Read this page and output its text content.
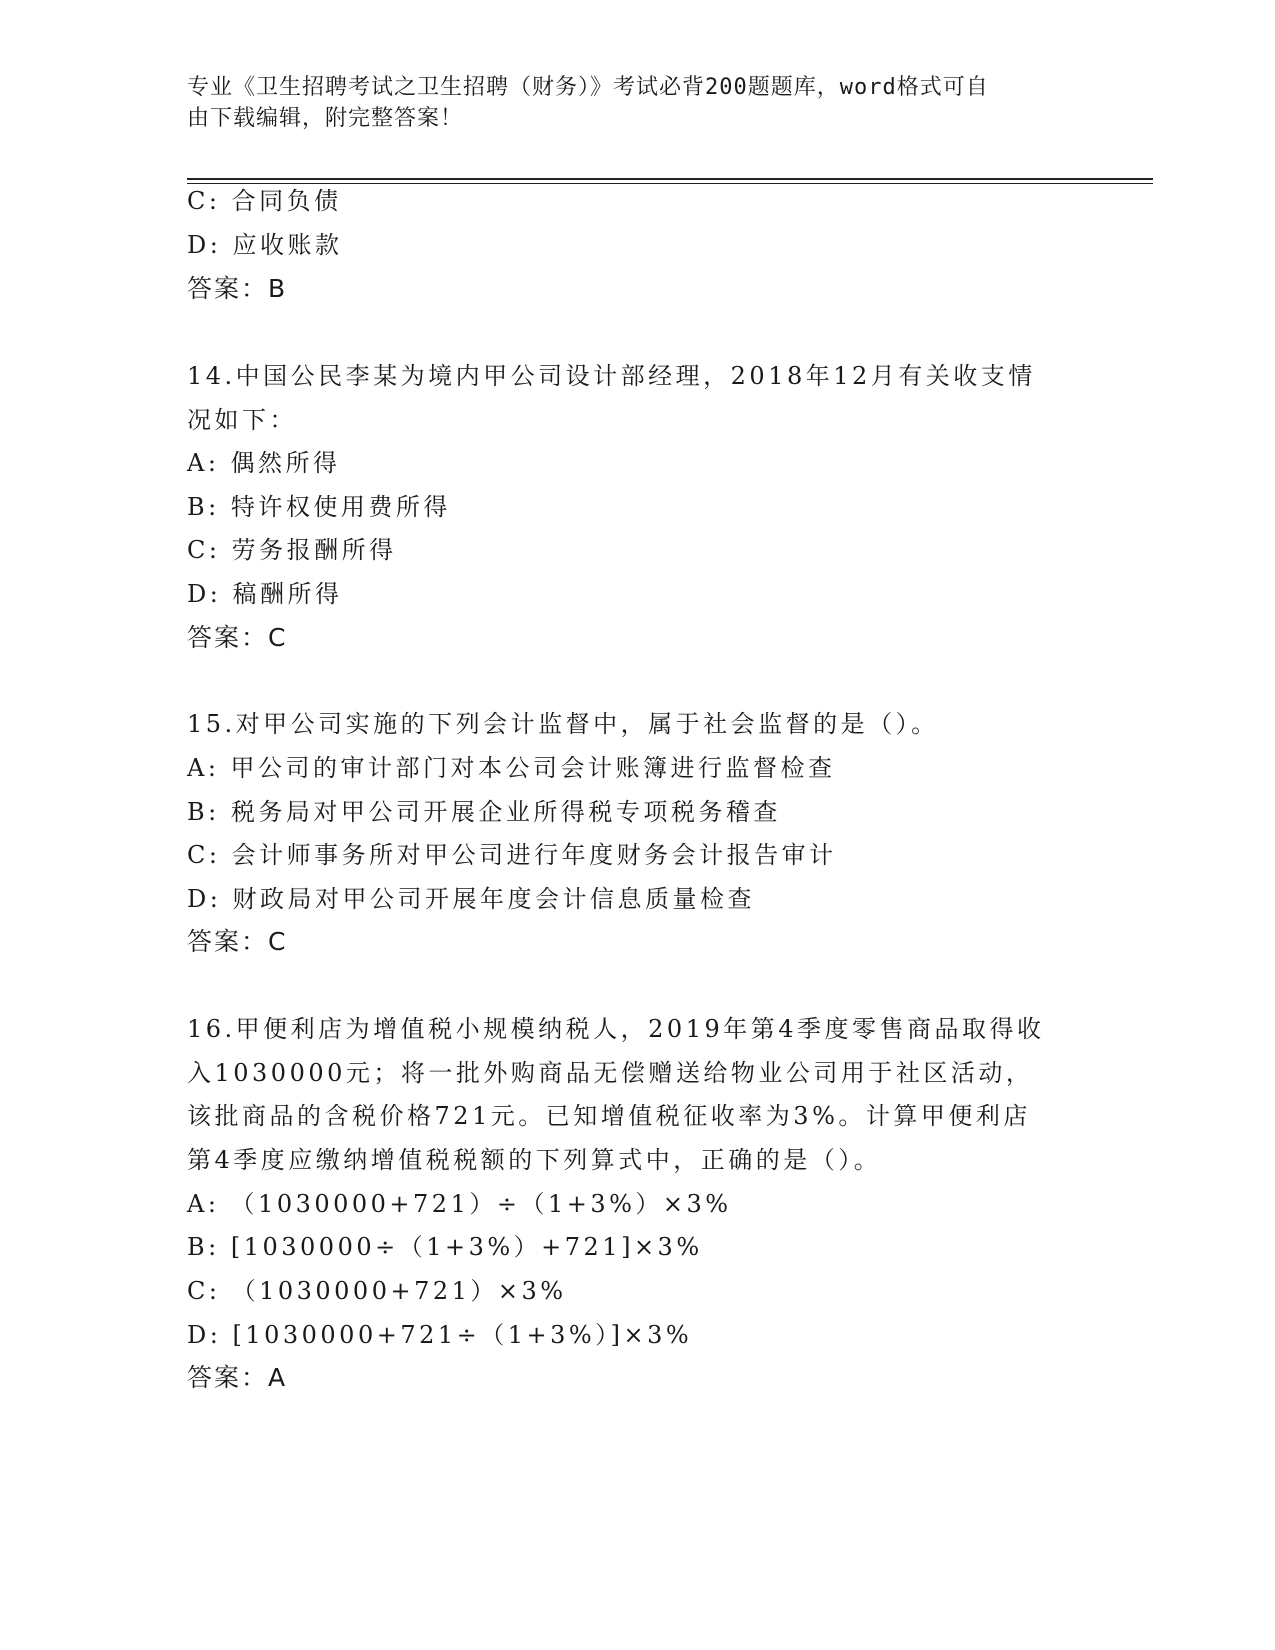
专业《卫生招聘考试之卫生招聘（财务）》考试必背200题题库，word格式可自
由下载编辑，附完整答案！
C: 合同负债
D: 应收账款
答案：B
14.中国公民李某为境内甲公司设计部经理，2018年12月有关收支情
况如下：
A: 偶然所得
B: 特许权使用费所得
C: 劳务报酬所得
D: 稿酬所得
答案：C
15.对甲公司实施的下列会计监督中，属于社会监督的是（）。
A: 甲公司的审计部门对本公司会计账簿进行监督检查
B: 税务局对甲公司开展企业所得税专项税务稽查
C: 会计师事务所对甲公司进行年度财务会计报告审计
D: 财政局对甲公司开展年度会计信息质量检查
答案：C
16.甲便利店为增值税小规模纳税人，2019年第4季度零售商品取得收
入1030000元；将一批外购商品无偿赠送给物业公司用于社区活动，
该批商品的含税价格721元。已知增值税征收率为3%。计算甲便利店
第4季度应缴纳增值税税额的下列算式中，正确的是（）。
A: （1030000+721）÷（1+3%）×3%
B: [1030000÷（1+3%）+721]×3%
C: （1030000+721）×3%
D: [1030000+721÷（1+3%）]×3%
答案：A
